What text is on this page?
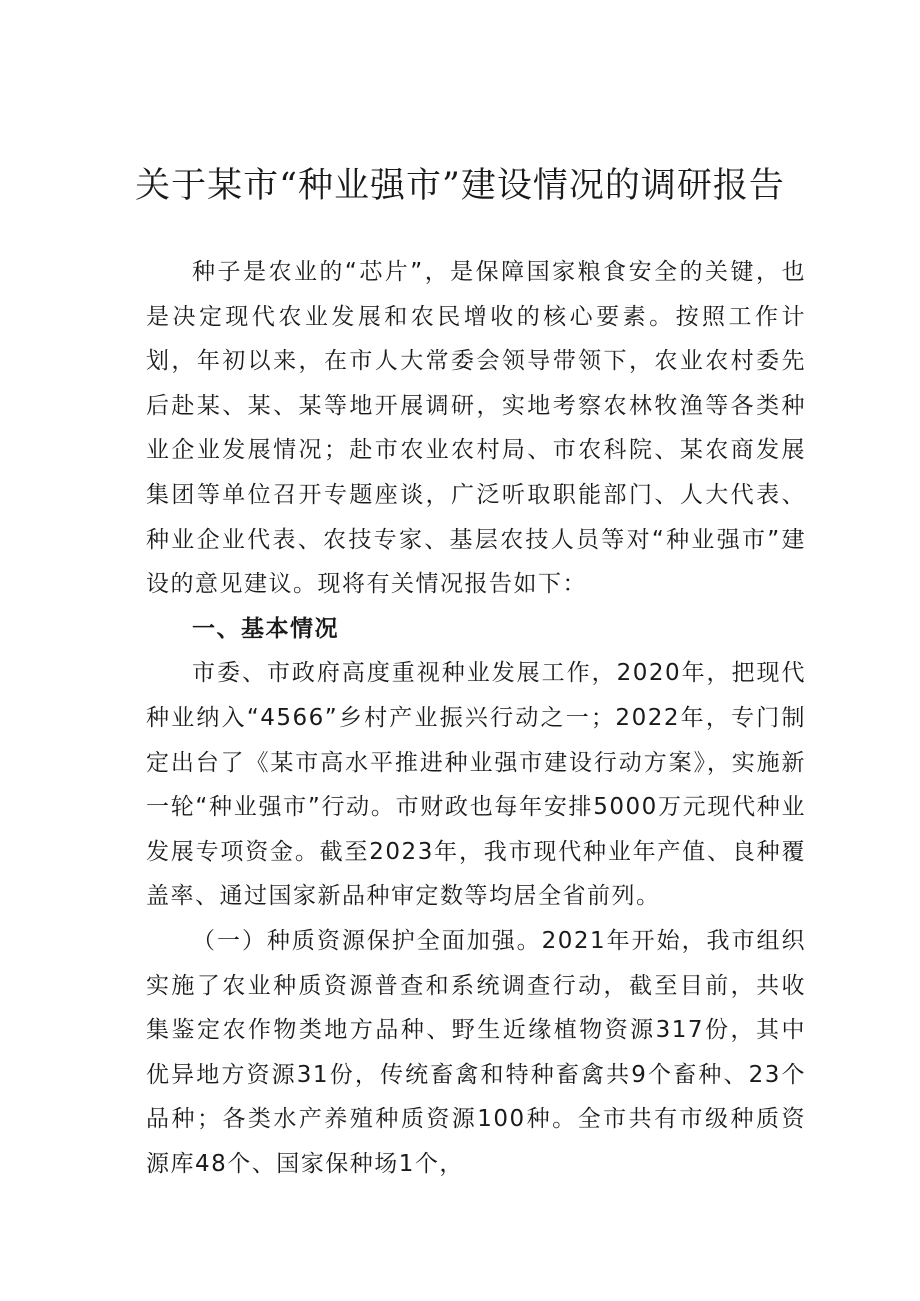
关于某市“种业强市”建设情况的调研报告

种子是农业的“芯片”，是保障国家粮食安全的关键，也是决定现代农业发展和农民增收的核心要素。按照工作计划，年初以来，在市人大常委会领导带领下，农业农村委先后赴某、某、某等地开展调研，实地考察农林牧渔等各类种业企业发展情况；赴市农业农村局、市农科院、某农商发展集团等单位召开专题座谈，广泛听取职能部门、人大代表、种业企业代表、农技专家、基层农技人员等对“种业强市”建设的意见建议。现将有关情况报告如下：

一、基本情况

市委、市政府高度重视种业发展工作，2020年，把现代种业纳入“4566”乡村产业振兴行动之一；2022年，专门制定出台了《某市高水平推进种业强市建设行动方案》，实施新一轮“种业强市”行动。市财政也每年安排5000万元现代种业发展专项资金。截至2023年，我市现代种业年产值、良种覆盖率、通过国家新品种审定数等均居全省前列。

（一）种质资源保护全面加强。2021年开始，我市组织实施了农业种质资源普查和系统调查行动，截至目前，共收集鉴定农作物类地方品种、野生近缘植物资源317份，其中优异地方资源31份，传统畜禽和特种畜禽共9个畜种、23个品种；各类水产养殖种质资源100种。全市共有市级种质资源库48个、国家保种场1个，
